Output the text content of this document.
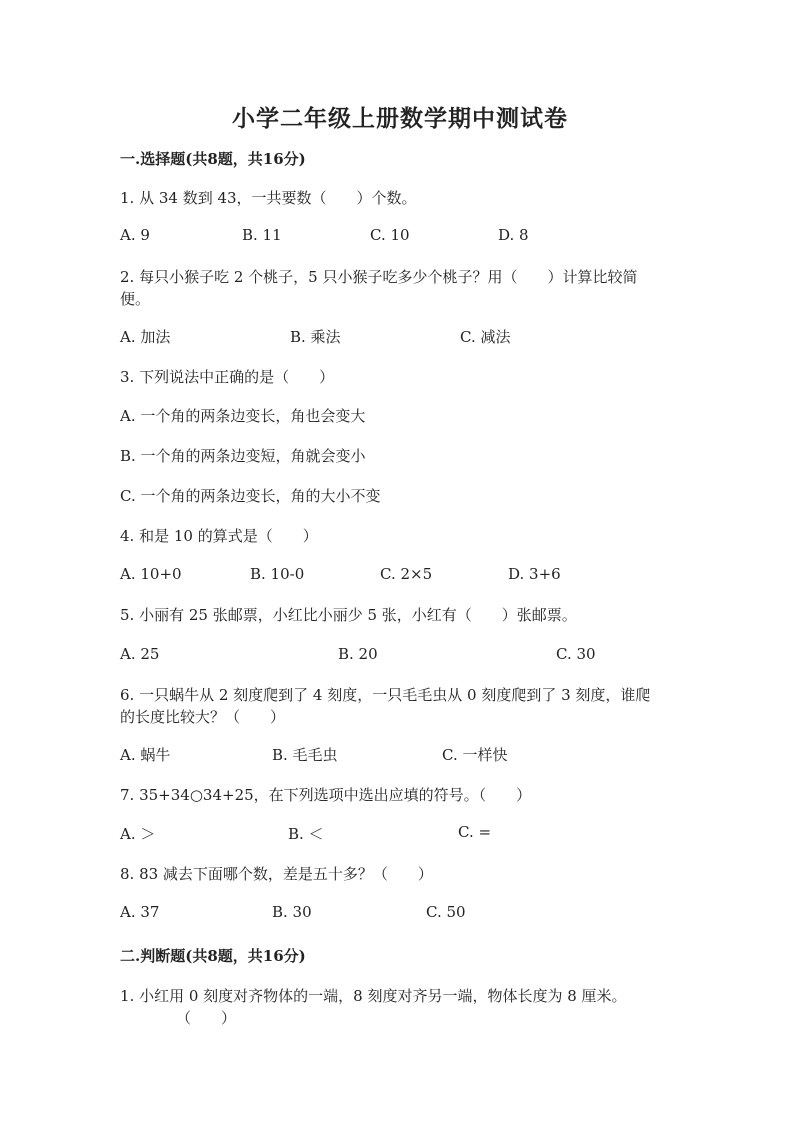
小学二年级上册数学期中测试卷
一.选择题(共8题，共16分)
1. 从 34 数到 43，一共要数（　　）个数。
A. 9	B. 11	C. 10	D. 8
2. 每只小猴子吃 2 个桃子，5 只小猴子吃多少个桃子？用（　　）计算比较简
便。
A. 加法	B. 乘法	C. 减法
3. 下列说法中正确的是（　　）
A. 一个角的两条边变长，角也会变大
B. 一个角的两条边变短，角就会变小
C. 一个角的两条边变长，角的大小不变
4. 和是 10 的算式是（　　）
A. 10+0	B. 10-0	C. 2×5	D. 3+6
5. 小丽有 25 张邮票，小红比小丽少 5 张，小红有（　　）张邮票。
A. 25	B. 20	C. 30
6. 一只蜗牛从 2 刻度爬到了 4 刻度，一只毛毛虫从 0 刻度爬到了 3 刻度，谁爬
的长度比较大？（　　）
A. 蜗牛	B. 毛毛虫	C. 一样快
7. 35+34○34+25，在下列选项中选出应填的符号。（　　）
A. ＞	B. ＜	C. =
8. 83 减去下面哪个数，差是五十多？（　　）
A. 37	B. 30	C. 50
二.判断题(共8题，共16分)
1. 小红用 0 刻度对齐物体的一端，8 刻度对齐另一端，物体长度为 8 厘米。
（　　）
